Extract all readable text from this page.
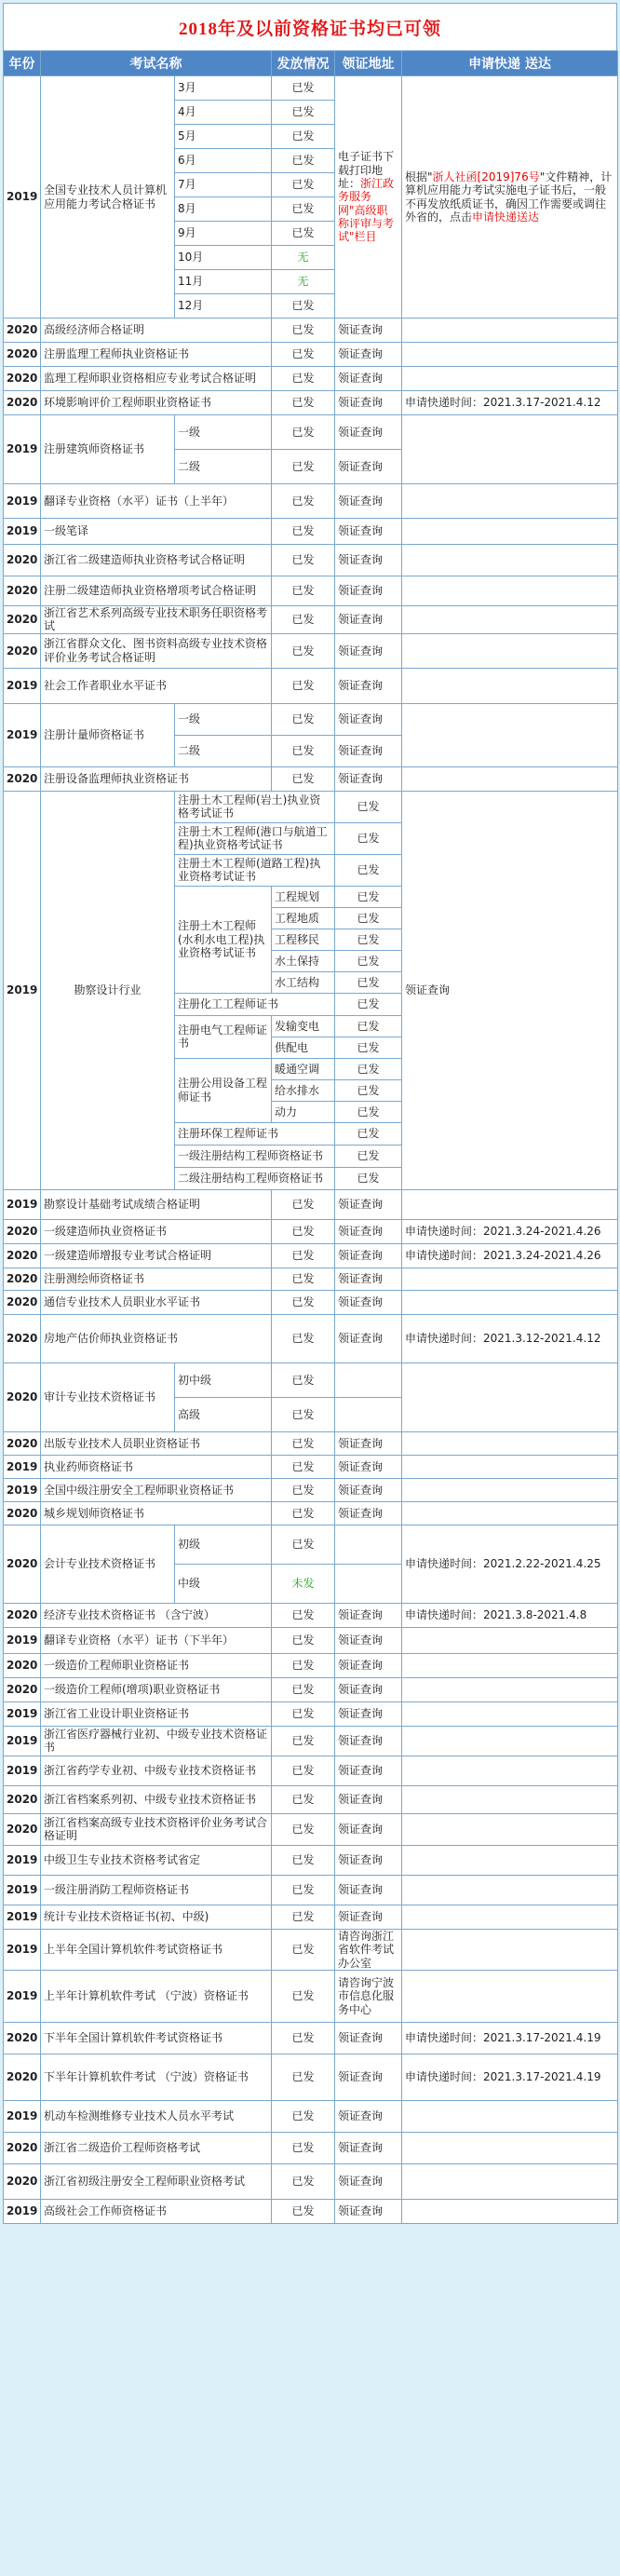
2018年及以前资格证书均已可领
年份	考试名称		发放情况	领证地址	申请快递 送达	
2019	全国专业技术人员计算机应用能力考试合格证书	3月	已发	电子证书下载打印地址：浙江政务服务网"高级职称评审与考试"栏目	根据"浙人社函[2019]76号"文件精神，计算机应用能力考试实施电子证书后，一般不再发放纸质证书，确因工作需要或调往外省的，点击申请快递送达	
		4月	已发			
		5月	已发			
		6月	已发			
		7月	已发			
		8月	已发			
		9月	已发			
		10月	无			
		11月	无			
		12月	已发			
2020	高级经济师合格证明		已发	领证查询		
2020	注册监理工程师执业资格证书		已发	领证查询		
2020	监理工程师职业资格相应专业考试合格证明		已发	领证查询		
2020	环境影响评价工程师职业资格证书		已发	领证查询	申请快递时间：2021.3.17-2021.4.12	
2019	注册建筑师资格证书	一级	已发	领证查询		
		二级	已发	领证查询		
2019	翻译专业资格（水平）证书（上半年）		已发	领证查询		
2019	一级笔译		已发	领证查询		
2020	浙江省二级建造师执业资格考试合格证明		已发	领证查询		
2020	注册二级建造师执业资格增项考试合格证明		已发	领证查询		
2020	浙江省艺术系列高级专业技术职务任职资格考试		已发	领证查询		
2020	浙江省群众文化、图书资料高级专业技术资格评价业务考试合格证明		已发	领证查询		
2019	社会工作者职业水平证书		已发	领证查询		
2019	注册计量师资格证书	一级	已发	领证查询		
		二级	已发	领证查询		
2020	注册设备监理师执业资格证书		已发	领证查询		
2019	勘察设计行业	注册土木工程师(岩土)执业资格考试证书		已发	领证查询	
		注册土木工程师(港口与航道工程)执业资格考试证书		已发		
		注册土木工程师(道路工程)执业资格考试证书		已发		
		注册土木工程师(水利水电工程)执业资格考试证书	工程规划	已发		
			工程地质	已发		
			工程移民	已发		
			水土保持	已发		
			水工结构	已发		
		注册化工工程师证书		已发		
		注册电气工程师证书	发输变电	已发		
			供配电	已发		
		注册公用设备工程师证书	暖通空调	已发		
			给水排水	已发		
			动力	已发		
		注册环保工程师证书		已发		
		一级注册结构工程师资格证书		已发		
		二级注册结构工程师资格证书		已发		
2019	勘察设计基础考试成绩合格证明		已发	领证查询		
2020	一级建造师执业资格证书		已发	领证查询	申请快递时间：2021.3.24-2021.4.26	
2020	一级建造师增报专业考试合格证明		已发	领证查询	申请快递时间：2021.3.24-2021.4.26	
2020	注册测绘师资格证书		已发	领证查询		
2020	通信专业技术人员职业水平证书		已发	领证查询		
2020	房地产估价师执业资格证书		已发	领证查询	申请快递时间：2021.3.12-2021.4.12	
2020	审计专业技术资格证书	初中级	已发			
		高级	已发			
2020	出版专业技术人员职业资格证书		已发	领证查询		
2019	执业药师资格证书		已发	领证查询		
2019	全国中级注册安全工程师职业资格证书		已发	领证查询		
2020	城乡规划师资格证书		已发	领证查询		
2020	会计专业技术资格证书	初级	已发		申请快递时间：2021.2.22-2021.4.25	
		中级	未发			
2020	经济专业技术资格证书 （含宁波）		已发	领证查询	申请快递时间：2021.3.8-2021.4.8	
2019	翻译专业资格（水平）证书（下半年）		已发	领证查询		
2020	一级造价工程师职业资格证书		已发	领证查询		
2020	一级造价工程师(增项)职业资格证书		已发	领证查询		
2019	浙江省工业设计职业资格证书		已发	领证查询		
2019	浙江省医疗器械行业初、中级专业技术资格证书		已发	领证查询		
2019	浙江省药学专业初、中级专业技术资格证书		已发	领证查询		
2020	浙江省档案系列初、中级专业技术资格证书		已发	领证查询		
2020	浙江省档案高级专业技术资格评价业务考试合格证明		已发	领证查询		
2019	中级卫生专业技术资格考试省定		已发	领证查询		
2019	一级注册消防工程师资格证书		已发	领证查询		
2019	统计专业技术资格证书(初、中级)		已发	领证查询		
2019	上半年全国计算机软件考试资格证书		已发	请咨询浙江省软件考试办公室		
2019	上半年计算机软件考试 （宁波）资格证书		已发	请咨询宁波市信息化服务中心		
2020	下半年全国计算机软件考试资格证书		已发	领证查询	申请快递时间：2021.3.17-2021.4.19	
2020	下半年计算机软件考试 （宁波）资格证书		已发	领证查询	申请快递时间：2021.3.17-2021.4.19	
2019	机动车检测维修专业技术人员水平考试		已发	领证查询		
2020	浙江省二级造价工程师资格考试		已发	领证查询		
2020	浙江省初级注册安全工程师职业资格考试		已发	领证查询		
2019	高级社会工作师资格证书		已发	领证查询		
